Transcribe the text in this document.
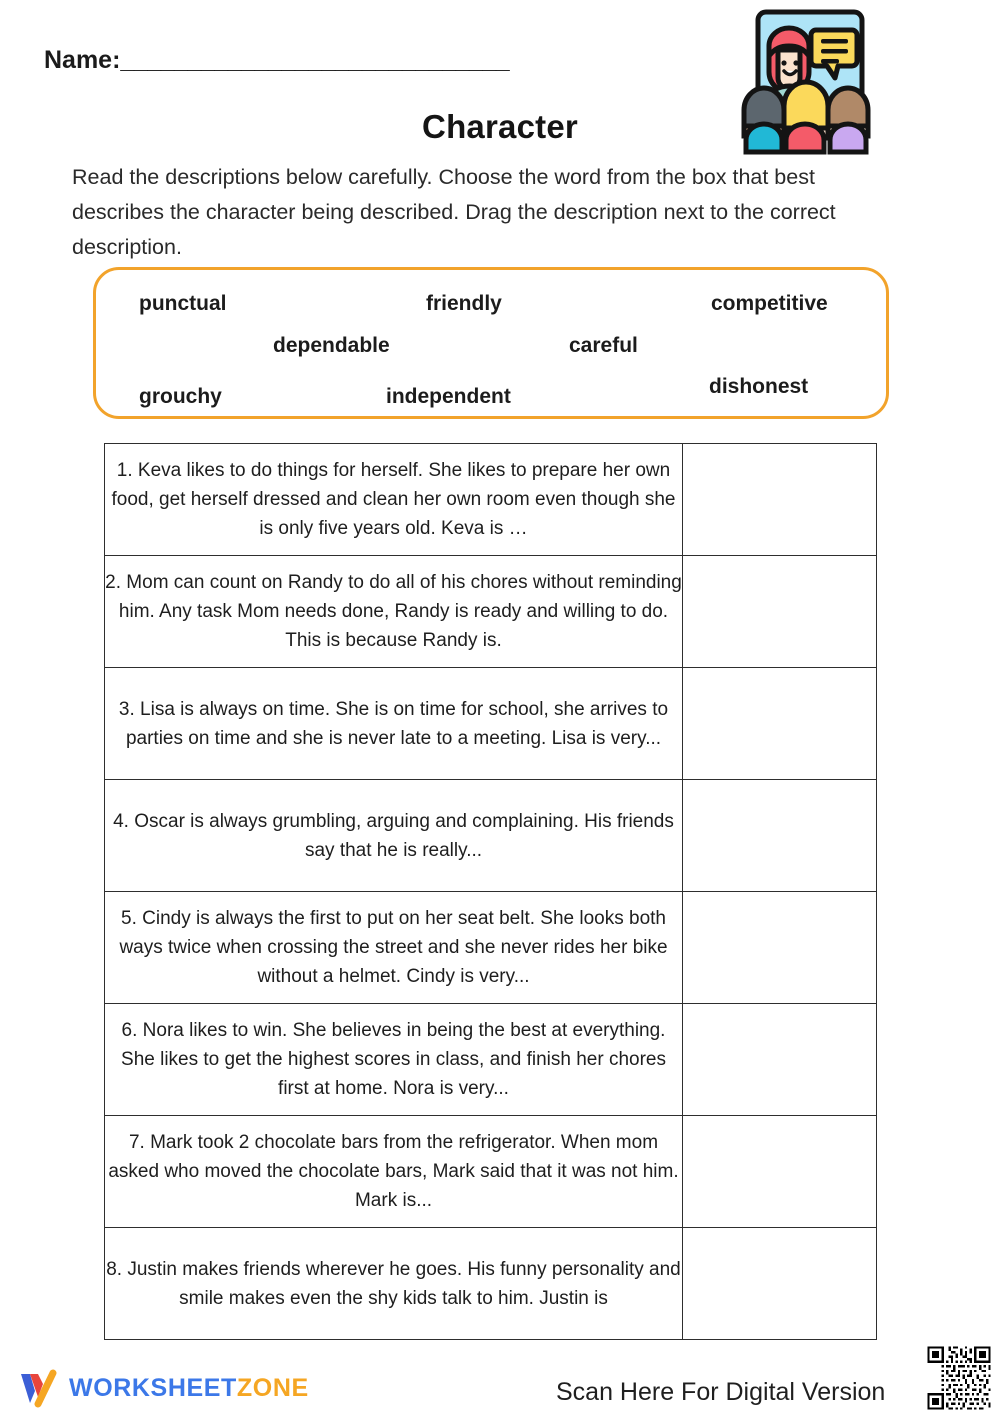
Name:_____________________________
Character
Read the descriptions below carefully. Choose the word from the box that best describes the character being described. Drag the description next to the correct description.
punctual	friendly	competitive
dependable	careful
grouchy	independent	dishonest
1. Keva likes to do things for herself. She likes to prepare her own food, get herself dressed and clean her own room even though she is only five years old. Keva is …	
2. Mom can count on Randy to do all of his chores without reminding him. Any task Mom needs done, Randy is ready and willing to do. This is because Randy is.	
3. Lisa is always on time. She is on time for school, she arrives to parties on time and she is never late to a meeting. Lisa is very...	
4. Oscar is always grumbling, arguing and complaining. His friends say that he is really...	
5. Cindy is always the first to put on her seat belt. She looks both ways twice when crossing the street and she never rides her bike without a helmet. Cindy is very...	
6. Nora likes to win. She believes in being the best at everything. She likes to get the highest scores in class, and finish her chores first at home. Nora is very...	
7. Mark took 2 chocolate bars from the refrigerator. When mom asked who moved the chocolate bars, Mark said that it was not him. Mark is...	
8. Justin makes friends wherever he goes. His funny personality and smile makes even the shy kids talk to him. Justin is	
WORKSHEETZONE	Scan Here For Digital Version
